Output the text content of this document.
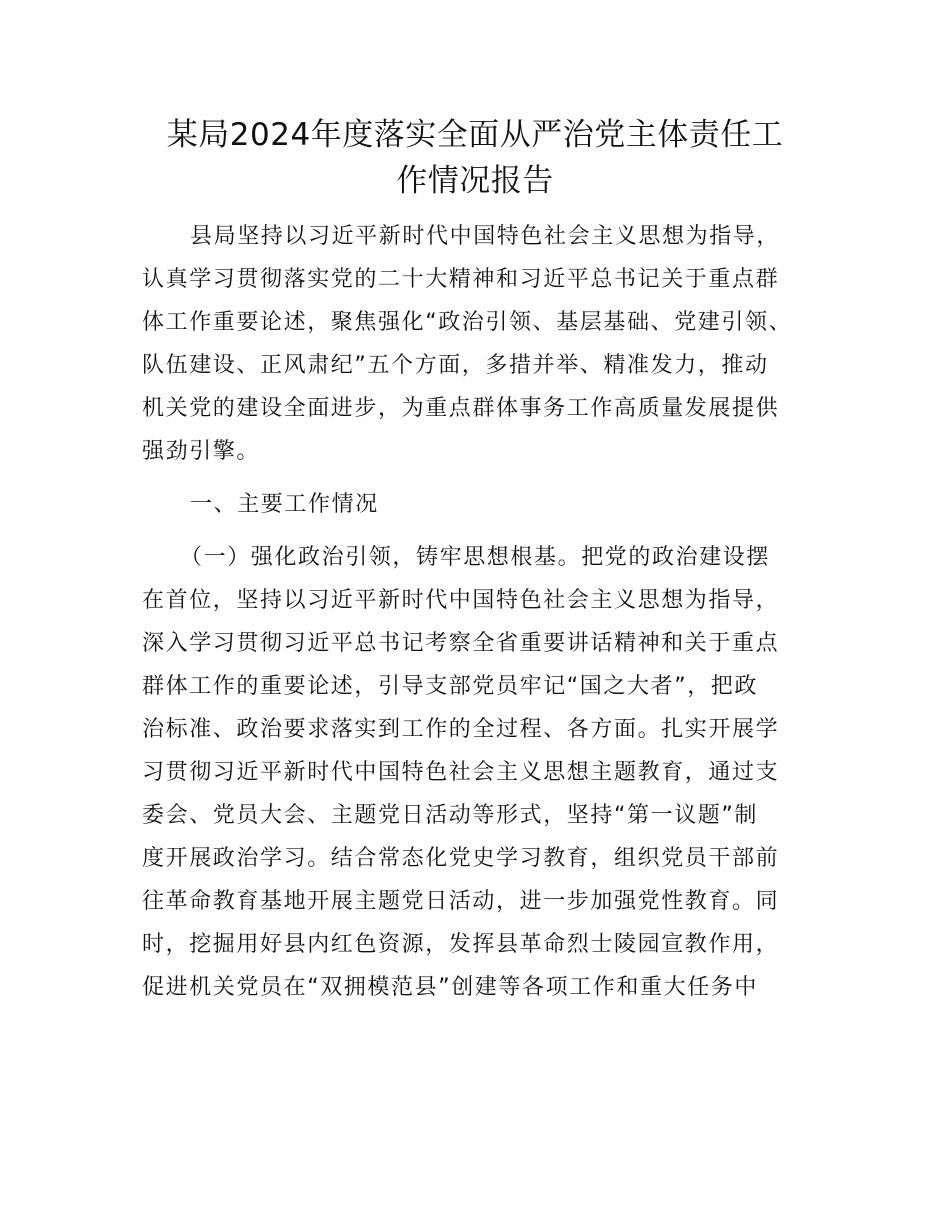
某局2024年度落实全面从严治党主体责任工
作情况报告
县局坚持以习近平新时代中国特色社会主义思想为指导，
认真学习贯彻落实党的二十大精神和习近平总书记关于重点群
体工作重要论述，聚焦强化“政治引领、基层基础、党建引领、
队伍建设、正风肃纪”五个方面，多措并举、精准发力，推动
机关党的建设全面进步，为重点群体事务工作高质量发展提供
强劲引擎。
一、主要工作情况
（一）强化政治引领，铸牢思想根基。把党的政治建设摆
在首位，坚持以习近平新时代中国特色社会主义思想为指导，
深入学习贯彻习近平总书记考察全省重要讲话精神和关于重点
群体工作的重要论述，引导支部党员牢记“国之大者”，把政
治标准、政治要求落实到工作的全过程、各方面。扎实开展学
习贯彻习近平新时代中国特色社会主义思想主题教育，通过支
委会、党员大会、主题党日活动等形式，坚持“第一议题”制
度开展政治学习。结合常态化党史学习教育，组织党员干部前
往革命教育基地开展主题党日活动，进一步加强党性教育。同
时，挖掘用好县内红色资源，发挥县革命烈士陵园宣教作用，
促进机关党员在“双拥模范县”创建等各项工作和重大任务中
